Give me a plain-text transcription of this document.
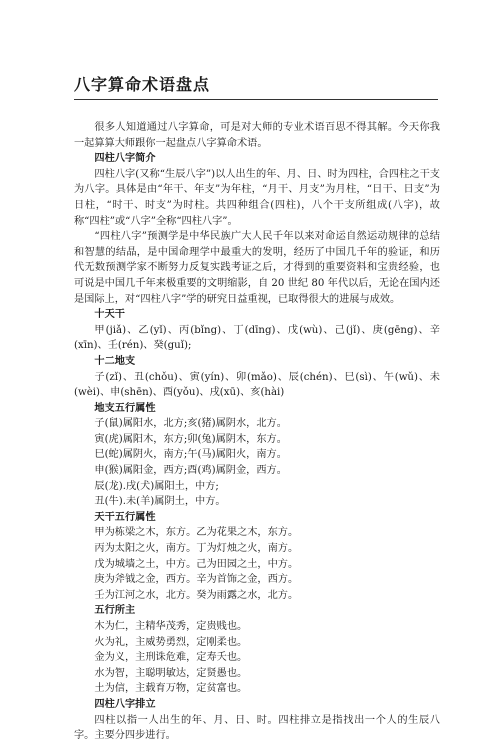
八字算命术语盘点

很多人知道通过八字算命，可是对大师的专业术语百思不得其解。今天你我一起算算大师跟你一起盘点八字算命术语。

四柱八字简介

四柱八字(又称“生辰八字”)以人出生的年、月、日、时为四柱，合四柱之干支为八字。具体是由“年干、年支”为年柱，“月干、月支”为月柱，“日干、日支”为日柱，“时干、时支”为时柱。共四种组合(四柱)，八个干支所组成(八字)，故称“四柱”或“八字”全称“四柱八字”。

“四柱八字”预测学是中华民族广大人民千年以来对命运自然运动规律的总结和智慧的结晶，是中国命理学中最重大的发明，经历了中国几千年的验证，和历代无数预测学家不断努力反复实践考证之后，才得到的重要资料和宝贵经验，也可说是中国几千年来极重要的文明缩影，自 20 世纪 80 年代以后，无论在国内还是国际上，对“四柱八字”学的研究日益重视，已取得很大的进展与成效。

十天干

甲(jiǎ)、乙(yǐ)、丙(bǐng)、丁(dīng)、戊(wù)、己(jǐ)、庚(gēng)、辛(xīn)、壬(rén)、癸(guǐ);

十二地支

子(zǐ)、丑(chǒu)、寅(yín)、卯(mǎo)、辰(chén)、巳(sì)、午(wǔ)、未(wèi)、申(shēn)、酉(yǒu)、戌(xū)、亥(hài)

地支五行属性

子(鼠)属阳水，北方;亥(猪)属阴水，北方。

寅(虎)属阳木，东方;卯(兔)属阴木，东方。

巳(蛇)属阴火，南方;午(马)属阳火，南方。

申(猴)属阳金，西方;酉(鸡)属阴金，西方。

辰(龙).戌(犬)属阳土，中方;

丑(牛).未(羊)属阴土，中方。

天干五行属性

甲为栋梁之木，东方。乙为花果之木，东方。

丙为太阳之火，南方。丁为灯烛之火，南方。

戊为城墙之土，中方。己为田园之土，中方。

庚为斧钺之金，西方。辛为首饰之金，西方。

壬为江河之水，北方。癸为雨露之水，北方。

五行所主

木为仁，主精华茂秀，定贵贱也。

火为礼，主威势勇烈，定刚柔也。

金为义，主刑诛危难，定寿夭也。

水为智，主聪明敏达，定贤愚也。

土为信，主载育万物，定贫富也。

四柱八字排立

四柱以指一人出生的年、月、日、时。四柱排立是指找出一个人的生辰八字。主要分四步进行。
